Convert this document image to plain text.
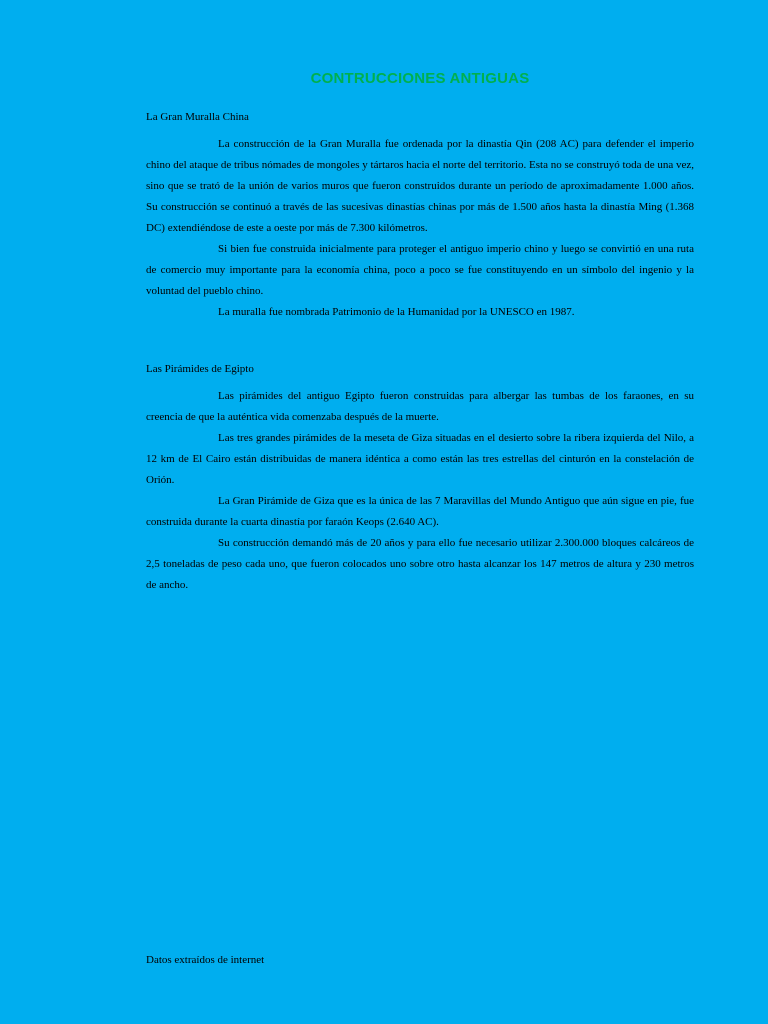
CONTRUCCIONES ANTIGUAS
La Gran Muralla China

La construcción de la Gran Muralla fue ordenada por la dinastía Qin (208 AC) para defender el imperio chino del ataque de tribus nómades de mongoles y tártaros hacia el norte del territorio. Esta no se construyó toda de una vez, sino que se trató de la unión de varios muros que fueron construidos durante un período de aproximadamente 1.000 años. Su construcción se continuó a través de las sucesivas dinastías chinas por más de 1.500 años hasta la dinastía Ming (1.368 DC) extendiéndose de este a oeste por más de 7.300 kilómetros.

Si bien fue construida inicialmente para proteger el antiguo imperio chino y luego se convirtió en una ruta de comercio muy importante para la economía china, poco a poco se fue constituyendo en un símbolo del ingenio y la voluntad del pueblo chino.

La muralla fue nombrada Patrimonio de la Humanidad por la UNESCO en 1987.

Las Pirámides de Egipto

Las pirámides del antiguo Egipto fueron construidas para albergar las tumbas de los faraones, en su creencia de que la auténtica vida comenzaba después de la muerte.

Las tres grandes pirámides de la meseta de Giza situadas en el desierto sobre la ribera izquierda del Nilo, a 12 km de El Cairo están distribuidas de manera idéntica a como están las tres estrellas del cinturón en la constelación de Orión.

La Gran Pirámide de Giza que es la única de las 7 Maravillas del Mundo Antiguo que aún sigue en pie, fue construida durante la cuarta dinastía por faraón Keops (2.640 AC).

Su construcción demandó más de 20 años y para ello fue necesario utilizar 2.300.000 bloques calcáreos de 2,5 toneladas de peso cada uno, que fueron colocados uno sobre otro hasta alcanzar los 147 metros de altura y 230 metros de ancho.

Datos extraídos de internet
